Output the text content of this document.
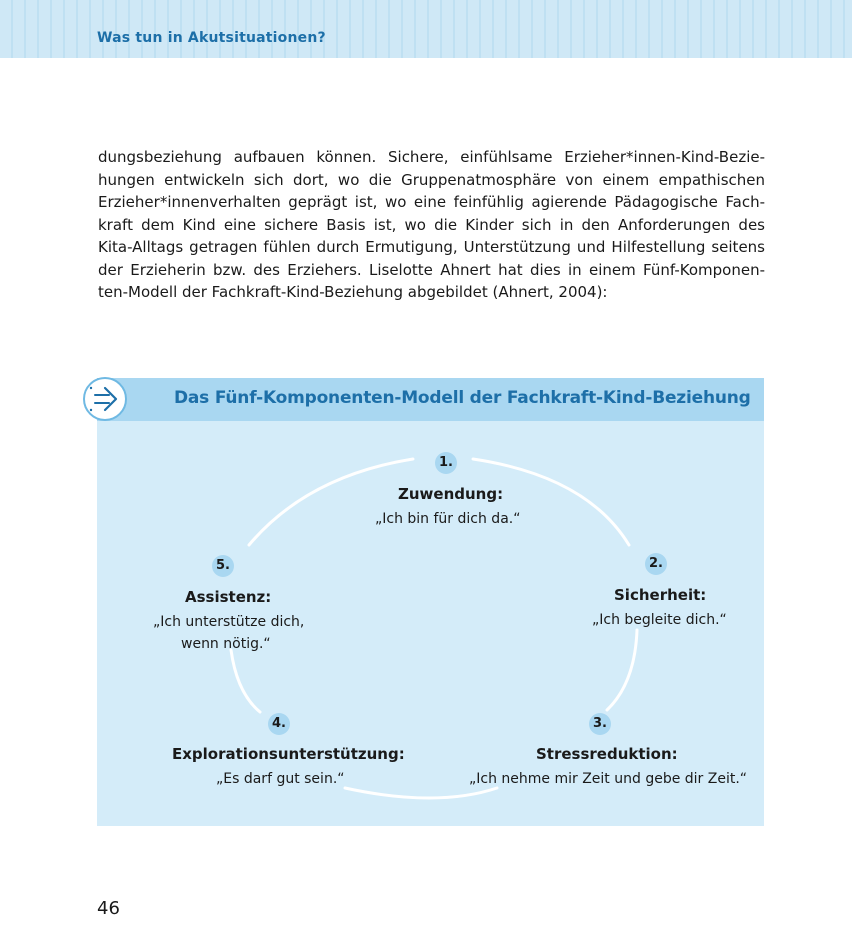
Was tun in Akutsituationen?
dungsbeziehung aufbauen können. Sichere, einfühlsame Erzieher*innen-Kind-Bezie-
hungen entwickeln sich dort, wo die Gruppenatmosphäre von einem empathischen
Erzieher*innenverhalten geprägt ist, wo eine feinfühlig agierende Pädagogische Fach-
kraft dem Kind eine sichere Basis ist, wo die Kinder sich in den Anforderungen des
Kita-Alltags getragen fühlen durch Ermutigung, Unterstützung und Hilfestellung seitens
der Erzieherin bzw. des Erziehers. Liselotte Ahnert hat dies in einem Fünf-Komponen-
ten-Modell der Fachkraft-Kind-Beziehung abgebildet (Ahnert, 2004):
Das Fünf-Komponenten-Modell der Fachkraft-Kind-Beziehung
1.
Zuwendung:
„Ich bin für dich da.“
2.
Sicherheit:
„Ich begleite dich.“
3.
Stressreduktion:
„Ich nehme mir Zeit und gebe dir Zeit.“
4.
Explorationsunterstützung:
„Es darf gut sein.“
5.
Assistenz:
„Ich unterstütze dich,
wenn nötig.“
46
